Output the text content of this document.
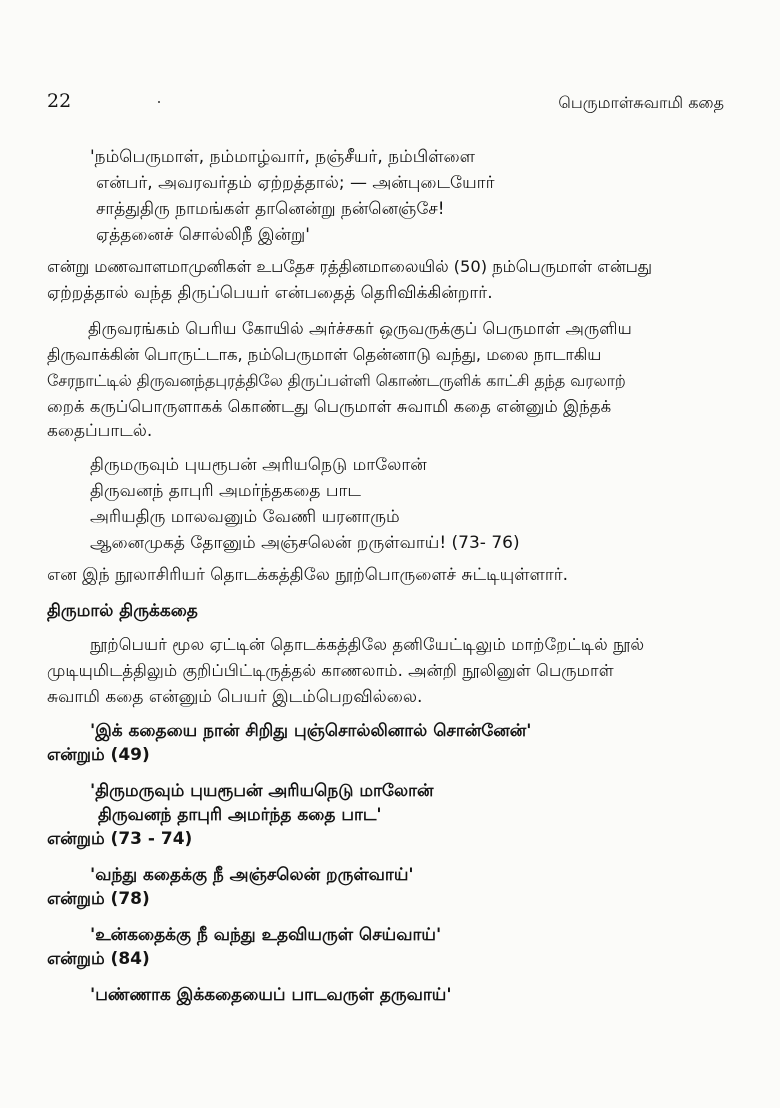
22	பெருமாள்சுவாமி கதை
'நம்பெருமாள், நம்மாழ்வார், நஞ்சீயர், நம்பிள்ளை
என்பர், அவரவர்தம் ஏற்றத்தால்; — அன்புடையோர்
சாத்துதிரு நாமங்கள் தானென்று நன்னெஞ்சே!
ஏத்தனைச் சொல்லிநீ இன்று'
என்று மணவாளமாமுனிகள் உபதேச ரத்தினமாலையில் (50) நம்பெருமாள் என்பது
ஏற்றத்தால் வந்த திருப்பெயர் என்பதைத் தெரிவிக்கின்றார்.
திருவரங்கம் பெரிய கோயில் அர்ச்சகர் ஒருவருக்குப் பெருமாள் அருளிய
திருவாக்கின் பொருட்டாக, நம்பெருமாள் தென்னாடு வந்து, மலை நாடாகிய
சேரநாட்டில் திருவனந்தபுரத்திலே திருப்பள்ளி கொண்டருளிக் காட்சி தந்த வரலாற்
றைக் கருப்பொருளாகக் கொண்டது பெருமாள் சுவாமி கதை என்னும் இந்தக்
கதைப்பாடல்.
திருமருவும் புயரூபன் அரியநெடு மாலோன்
திருவனந் தாபுரி அமர்ந்தகதை பாட
அரியதிரு மாலவனும் வேணி யரனாரும்
ஆனைமுகத் தோனும் அஞ்சலென் றருள்வாய்! (73- 76)
என இந் நூலாசிரியர் தொடக்கத்திலே நூற்பொருளைச் சுட்டியுள்ளார்.
திருமால் திருக்கதை
நூற்பெயர் மூல ஏட்டின் தொடக்கத்திலே தனியேட்டிலும் மாற்றேட்டில் நூல்
முடியுமிடத்திலும் குறிப்பிட்டிருத்தல் காணலாம். அன்றி நூலினுள் பெருமாள்
சுவாமி கதை என்னும் பெயர் இடம்பெறவில்லை.
'இக் கதையை நான் சிறிது புஞ்சொல்லினால் சொன்னேன்'
என்றும் (49)
'திருமருவும் புயரூபன் அரியநெடு மாலோன்
திருவனந் தாபுரி அமர்ந்த கதை பாட'
என்றும் (73 - 74)
'வந்து கதைக்கு நீ அஞ்சலென் றருள்வாய்'
என்றும் (78)
'உன்கதைக்கு நீ வந்து உதவியருள் செய்வாய்'
என்றும் (84)
'பண்ணாக இக்கதையைப் பாடவருள் தருவாய்'
